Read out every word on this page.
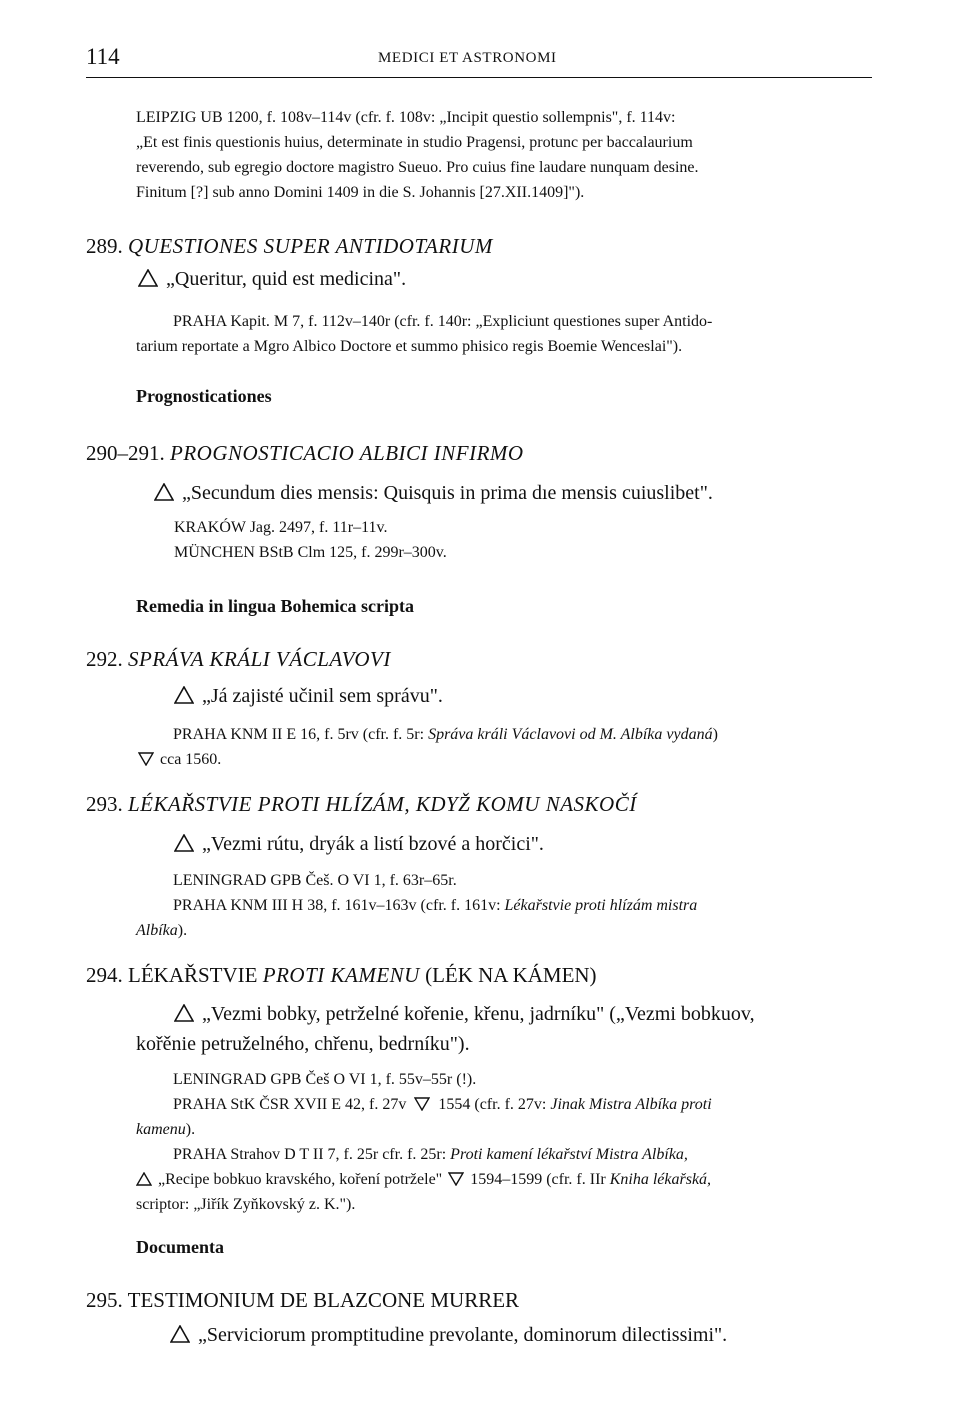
114	MEDICI ET ASTRONOMI
LEIPZIG UB 1200, f. 108v–114v (cfr. f. 108v: „Incipit questio sollempnis", f. 114v:
„Et est finis questionis huius, determinate in studio Pragensi, protunc per baccalaurium
reverendo, sub egregio doctore magistro Sueuo. Pro cuius fine laudare nunquam desine.
Finitum [?] sub anno Domini 1409 in die S. Johannis [27.XII.1409]").
289. QUESTIONES SUPER ANTIDOTARIUM
„Queritur, quid est medicina".
PRAHA Kapit. M 7, f. 112v–140r (cfr. f. 140r: „Expliciunt questiones super Antido-
tarium reportate a Mgro Albico Doctore et summo phisico regis Boemie Wenceslai").
Prognosticationes
290–291. PROGNOSTICACIO ALBICI INFIRMO
„Secundum dies mensis: Quisquis in prima dıe mensis cuiuslibet".
KRAKÓW Jag. 2497, f. 11r–11v.
MÜNCHEN BStB Clm 125, f. 299r–300v.
Remedia in lingua Bohemica scripta
292. SPRÁVA KRÁLI VÁCLAVOVI
„Já zajisté učinil sem správu".
PRAHA KNM II E 16, f. 5rv (cfr. f. 5r: Správa králi Václavovi od M. Albíka vydaná)
cca 1560.
293. LÉKAŘSTVIE PROTI HLÍZÁM, KDYŽ KOMU NASKOČÍ
„Vezmi rútu, dryák a listí bzové a horčici".
LENINGRAD GPB Češ. O VI 1, f. 63r–65r.
PRAHA KNM III H 38, f. 161v–163v (cfr. f. 161v: Lékařstvie proti hlízám mistra
Albíka).
294. LÉKAŘSTVIE PROTI KAMENU (LÉK NA KÁMEN)
„Vezmi bobky, petrželné kořenie, křenu, jadrníku" („Vezmi bobkuov,
kořěnie petruželného, chřenu, bedrníku").
LENINGRAD GPB Češ O VI 1, f. 55v–55r (!).
PRAHA StK ČSR XVII E 42, f. 27v 1554 (cfr. f. 27v: Jinak Mistra Albíka proti
kamenu).
PRAHA Strahov D T II 7, f. 25r cfr. f. 25r: Proti kamení lékařství Mistra Albíka,
„Recipe bobkuo kravského, koření potržele" 1594–1599 (cfr. f. IIr Kniha lékařská,
scriptor: „Jiřík Zyňkovský z. K.").
Documenta
295. TESTIMONIUM DE BLAZCONE MURRER
„Serviciorum promptitudine prevolante, dominorum dilectissimi".
